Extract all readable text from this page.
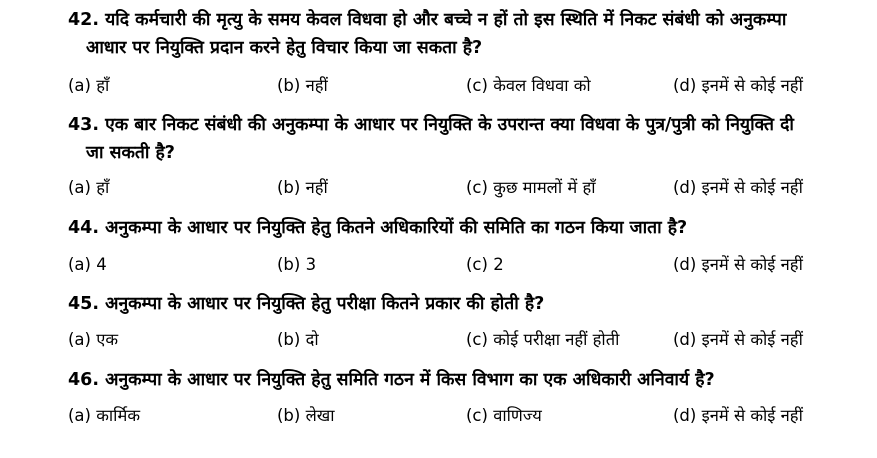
42. यदि कर्मचारी की मृत्यु के समय केवल विधवा हो और बच्चे न हों तो इस स्थिति में निकट संबंधी को अनुकम्पा
आधार पर नियुक्ति प्रदान करने हेतु विचार किया जा सकता है?
(a) हाँ	(b) नहीं	(c) केवल विधवा को	(d) इनमें से कोई नहीं
43. एक बार निकट संबंधी की अनुकम्पा के आधार पर नियुक्ति के उपरान्त क्या विधवा के पुत्र/पुत्री को नियुक्ति दी
जा सकती है?
(a) हाँ	(b) नहीं	(c) कुछ मामलों में हाँ	(d) इनमें से कोई नहीं
44. अनुकम्पा के आधार पर नियुक्ति हेतु कितने अधिकारियों की समिति का गठन किया जाता है?
(a) 4	(b) 3	(c) 2	(d) इनमें से कोई नहीं
45. अनुकम्पा के आधार पर नियुक्ति हेतु परीक्षा कितने प्रकार की होती है?
(a) एक	(b) दो	(c) कोई परीक्षा नहीं होती	(d) इनमें से कोई नहीं
46. अनुकम्पा के आधार पर नियुक्ति हेतु समिति गठन में किस विभाग का एक अधिकारी अनिवार्य है?
(a) कार्मिक	(b) लेखा	(c) वाणिज्य	(d) इनमें से कोई नहीं
